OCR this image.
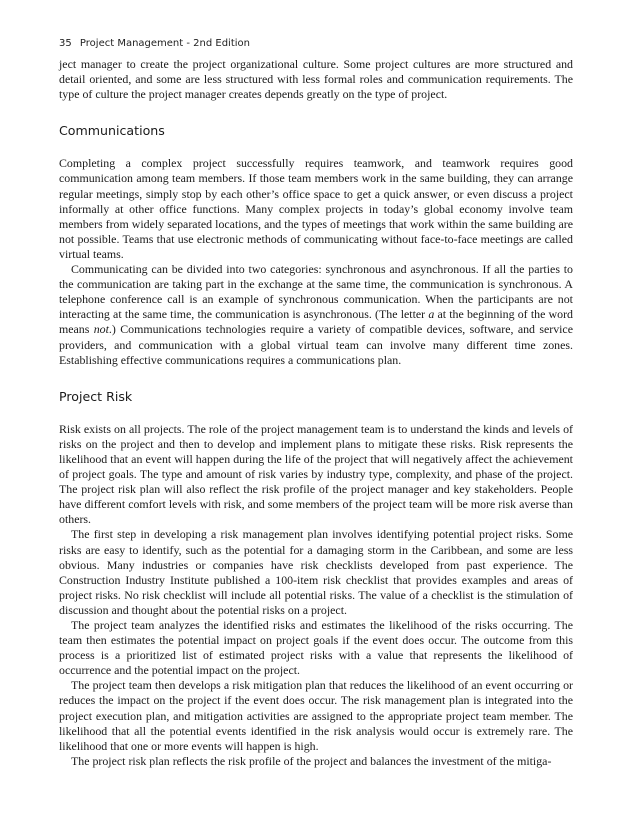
35 Project Management - 2nd Edition

ject manager to create the project organizational culture. Some project cultures are more structured and detail oriented, and some are less structured with less formal roles and communication requirements. The type of culture the project manager creates depends greatly on the type of project.

Communications

Completing a complex project successfully requires teamwork, and teamwork requires good communication among team members. If those team members work in the same building, they can arrange regular meetings, simply stop by each other’s office space to get a quick answer, or even discuss a project informally at other office functions. Many complex projects in today’s global economy involve team members from widely separated locations, and the types of meetings that work within the same building are not possible. Teams that use electronic methods of communicating without face-to-face meetings are called virtual teams.

Communicating can be divided into two categories: synchronous and asynchronous. If all the parties to the communication are taking part in the exchange at the same time, the communication is synchronous. A telephone conference call is an example of synchronous communication. When the participants are not interacting at the same time, the communication is asynchronous. (The letter a at the beginning of the word means not.) Communications technologies require a variety of compatible devices, software, and service providers, and communication with a global virtual team can involve many different time zones. Establishing effective communications requires a communications plan.

Project Risk

Risk exists on all projects. The role of the project management team is to understand the kinds and levels of risks on the project and then to develop and implement plans to mitigate these risks. Risk represents the likelihood that an event will happen during the life of the project that will negatively affect the achievement of project goals. The type and amount of risk varies by industry type, complexity, and phase of the project. The project risk plan will also reflect the risk profile of the project manager and key stakeholders. People have different comfort levels with risk, and some members of the project team will be more risk averse than others.

The first step in developing a risk management plan involves identifying potential project risks. Some risks are easy to identify, such as the potential for a damaging storm in the Caribbean, and some are less obvious. Many industries or companies have risk checklists developed from past experience. The Construction Industry Institute published a 100-item risk checklist that provides examples and areas of project risks. No risk checklist will include all potential risks. The value of a checklist is the stimulation of discussion and thought about the potential risks on a project.

The project team analyzes the identified risks and estimates the likelihood of the risks occurring. The team then estimates the potential impact on project goals if the event does occur. The outcome from this process is a prioritized list of estimated project risks with a value that represents the likelihood of occurrence and the potential impact on the project.

The project team then develops a risk mitigation plan that reduces the likelihood of an event occurring or reduces the impact on the project if the event does occur. The risk management plan is integrated into the project execution plan, and mitigation activities are assigned to the appropriate project team member. The likelihood that all the potential events identified in the risk analysis would occur is extremely rare. The likelihood that one or more events will happen is high.

The project risk plan reflects the risk profile of the project and balances the investment of the mitiga-
